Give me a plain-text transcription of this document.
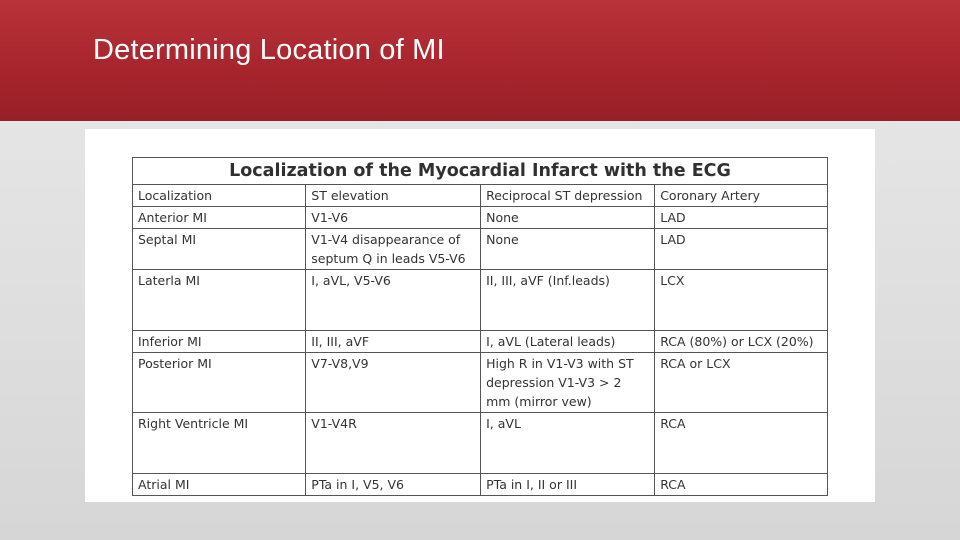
Determining Location of MI
Localization of the Myocardial Infarct with the ECG
Localization	ST elevation	Reciprocal ST depression	Coronary Artery
Anterior MI	V1-V6	None	LAD
Septal MI	V1-V4 disappearance of septum Q in leads V5-V6	None	LAD
Laterla MI	I, aVL, V5-V6	II, III, aVF (Inf.leads)	LCX
Inferior MI	II, III, aVF	I, aVL (Lateral leads)	RCA (80%) or LCX (20%)
Posterior MI	V7-V8,V9	High R in V1-V3 with ST depression V1-V3 > 2 mm (mirror vew)	RCA or LCX
Right Ventricle MI	V1-V4R	I, aVL	RCA
Atrial MI	PTa in I, V5, V6	PTa in I, II or III	RCA
